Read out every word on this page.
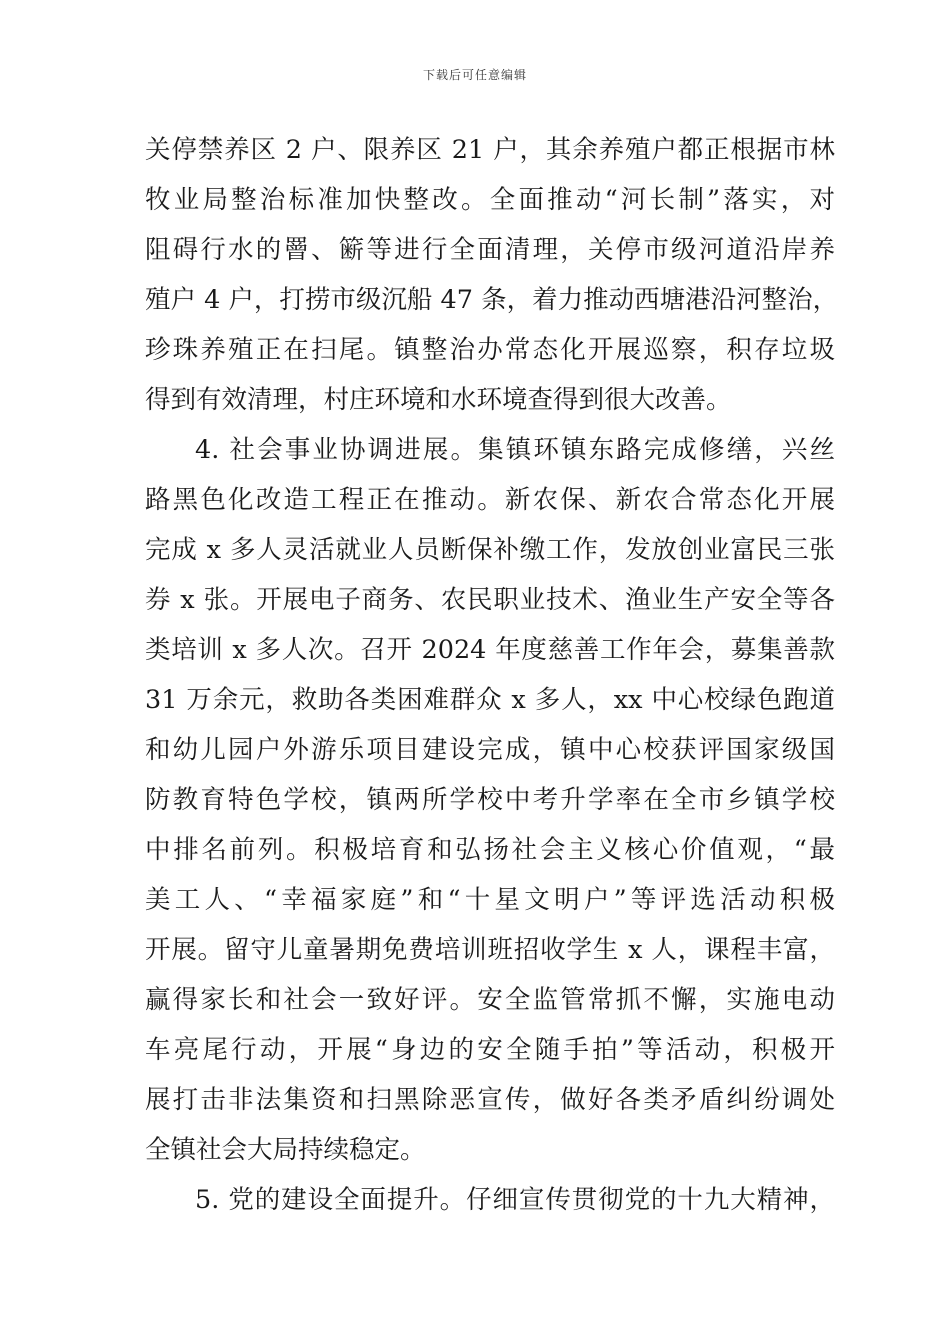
下载后可任意编辑
关停禁养区 2 户、限养区 21 户，其余养殖户都正根据市林
牧业局整治标准加快整改。全面推动“河长制”落实，对
阻碍行水的罾、簖等进行全面清理，关停市级河道沿岸养
殖户 4 户，打捞市级沉船 47 条，着力推动西塘港沿河整治，
珍珠养殖正在扫尾。镇整治办常态化开展巡察，积存垃圾
得到有效清理，村庄环境和水环境查得到很大改善。
4. 社会事业协调进展。集镇环镇东路完成修缮，兴丝
路黑色化改造工程正在推动。新农保、新农合常态化开展
完成 x 多人灵活就业人员断保补缴工作，发放创业富民三张
券 x 张。开展电子商务、农民职业技术、渔业生产安全等各
类培训 x 多人次。召开 2024 年度慈善工作年会，募集善款
31 万余元，救助各类困难群众 x 多人，xx 中心校绿色跑道
和幼儿园户外游乐项目建设完成，镇中心校获评国家级国
防教育特色学校，镇两所学校中考升学率在全市乡镇学校
中排名前列。积极培育和弘扬社会主义核心价值观，“最
美工人、“幸福家庭”和“十星文明户”等评选活动积极
开展。留守儿童暑期免费培训班招收学生 x 人，课程丰富，
赢得家长和社会一致好评。安全监管常抓不懈，实施电动
车亮尾行动，开展“身边的安全随手拍”等活动，积极开
展打击非法集资和扫黑除恶宣传，做好各类矛盾纠纷调处
全镇社会大局持续稳定。
5. 党的建设全面提升。仔细宣传贯彻党的十九大精神，
